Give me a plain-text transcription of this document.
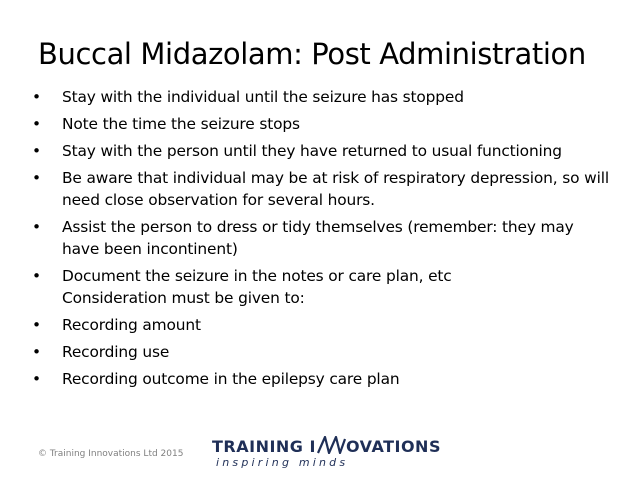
Buccal Midazolam: Post Administration
• Stay with the individual until the seizure has stopped
• Note the time the seizure stops
• Stay with the person until they have returned to usual functioning
• Be aware that individual may be at risk of respiratory depression, so will need close observation for several hours.
• Assist the person to dress or tidy themselves (remember: they may have been incontinent)
• Document the seizure in the notes or care plan, etc
Consideration must be given to:
• Recording amount
• Recording use
• Recording outcome in the epilepsy care plan
© Training Innovations Ltd 2015 TRAINING I OVATIONS
inspiring minds
